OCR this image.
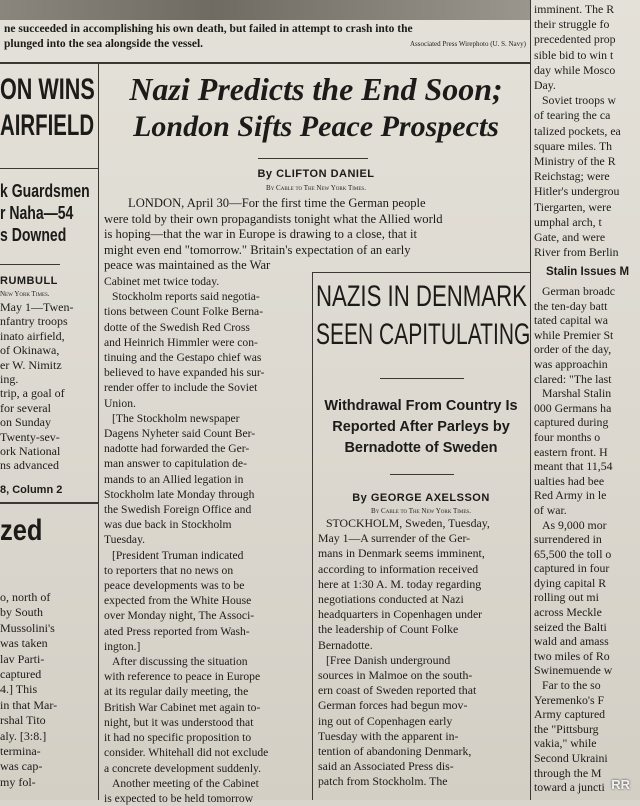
ne succeeded in accomplishing his own death, but failed in attempt to crash into the
plunged into the sea alongside the vessel.	Associated Press Wirephoto (U. S. Navy)
ON WINS
AIRFIELD
k Guardsmen
r Naha—54
s Downed
RUMBULL
New York Times.
May 1—Twen-
nfantry troops
inato airfield,
of Okinawa,
er W. Nimitz
ing.
trip, a goal of
for several
on Sunday
Twenty-sev-
ork National
ns advanced
8, Column 2
zed
o, north of
by South
Mussolini's
was taken
lav Parti-
captured
4.] This
in that Mar-
rshal Tito
aly. [3:8.]
termina-
was cap-
my fol-
Nazi Predicts the End Soon;
London Sifts Peace Prospects
By CLIFTON DANIEL
By Cable to The New York Times.
LONDON, April 30—For the first time the German people
were told by their own propagandists tonight what the Allied world
is hoping—that the war in Europe is drawing to a close, that it
might even end "tomorrow." Britain's expectation of an early
peace was maintained as the War
Cabinet met twice today.
Stockholm reports said negotia-
tions between Count Folke Berna-
dotte of the Swedish Red Cross
and Heinrich Himmler were con-
tinuing and the Gestapo chief was
believed to have expanded his sur-
render offer to include the Soviet
Union.
[The Stockholm newspaper
Dagens Nyheter said Count Ber-
nadotte had forwarded the Ger-
man answer to capitulation de-
mands to an Allied legation in
Stockholm late Monday through
the Swedish Foreign Office and
was due back in Stockholm
Tuesday.
[President Truman indicated
to reporters that no news on
peace developments was to be
expected from the White House
over Monday night, The Associ-
ated Press reported from Wash-
ington.]
After discussing the situation
with reference to peace in Europe
at its regular daily meeting, the
British War Cabinet met again to-
night, but it was understood that
it had no specific proposition to
consider. Whitehall did not exclude
a concrete development suddenly.
Another meeting of the Cabinet
is expected to be held tomorrow
NAZIS IN DENMARK
SEEN CAPITULATING
Withdrawal From Country Is
Reported After Parleys by
Bernadotte of Sweden
By GEORGE AXELSSON
By Cable to The New York Times.
STOCKHOLM, Sweden, Tuesday,
May 1—A surrender of the Ger-
mans in Denmark seems imminent,
according to information received
here at 1:30 A. M. today regarding
negotiations conducted at Nazi
headquarters in Copenhagen under
the leadership of Count Folke
Bernadotte.
[Free Danish underground
sources in Malmoe on the south-
ern coast of Sweden reported that
German forces had begun mov-
ing out of Copenhagen early
Tuesday with the apparent in-
tention of abandoning Denmark,
said an Associated Press dis-
patch from Stockholm. The
imminent. The R
their struggle fo
precedented prop
sible bid to win t
day while Mosco
Day.
Soviet troops w
of tearing the ca
talized pockets, ea
square miles. Th
Ministry of the R
Reichstag; were
Hitler's undergrou
Tiergarten, were
umphal arch, t
Gate, and were
River from Berlin
Stalin Issues M
German broadc
the ten-day batt
tated capital wa
while Premier St
order of the day,
was approachin
clared: "The last
Marshal Stalin
000 Germans ha
captured during
four months o
eastern front. H
meant that 11,54
ualties had bee
Red Army in le
of war.
As 9,000 mor
surrendered in
65,500 the toll o
captured in four
dying capital R
rolling out mi
across Meckle
seized the Balti
wald and amass
two miles of Ro
Swinemuende w
Far to the so
Yeremenko's F
Army captured
the "Pittsburg
vakia," while
Second Ukraini
through the M
toward a juncti RR
